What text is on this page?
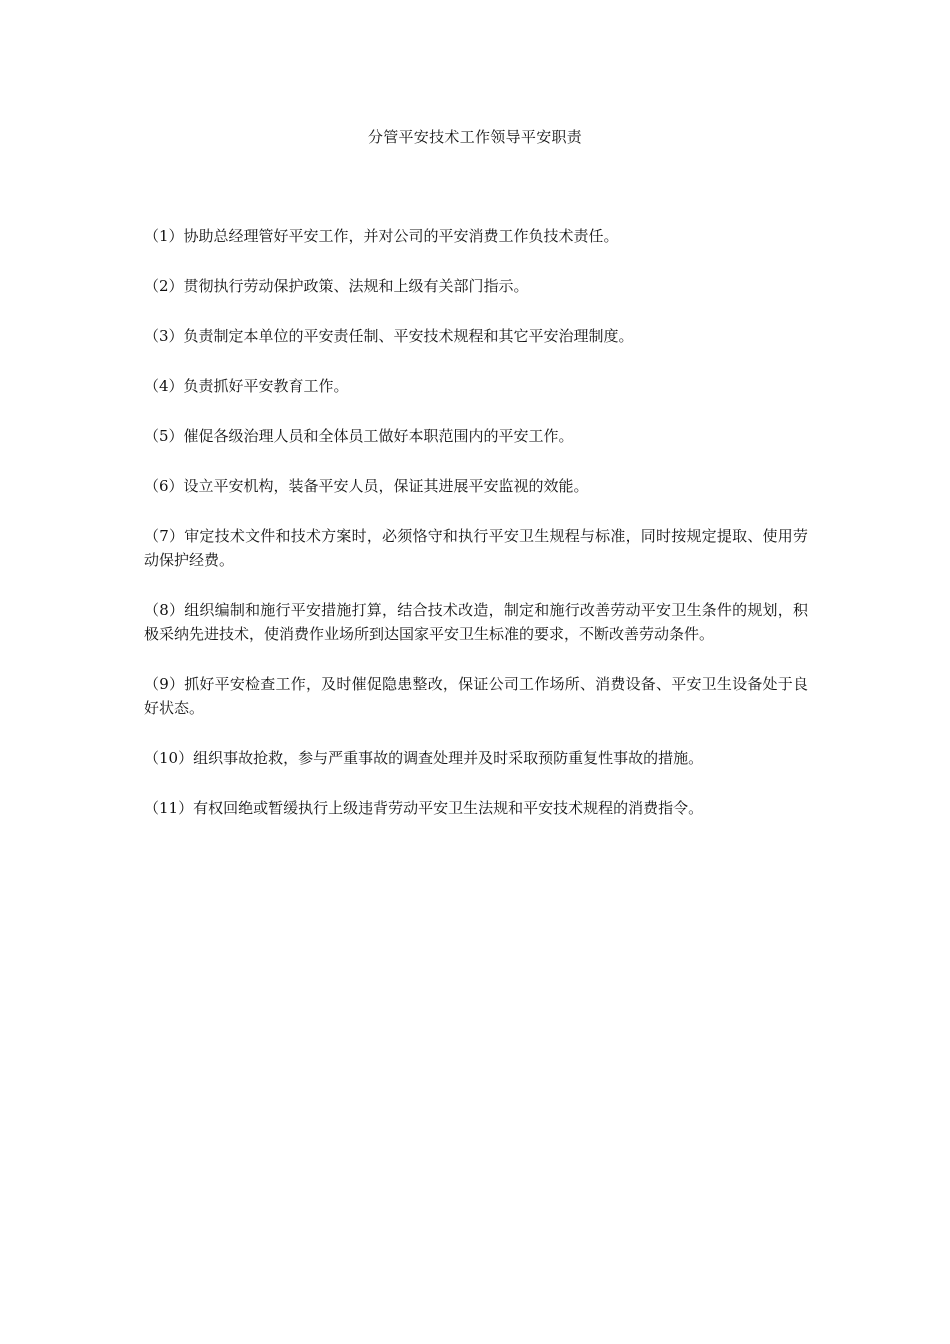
分管平安技术工作领导平安职责

（1）协助总经理管好平安工作，并对公司的平安消费工作负技术责任。

（2）贯彻执行劳动保护政策、法规和上级有关部门指示。

（3）负责制定本单位的平安责任制、平安技术规程和其它平安治理制度。

（4）负责抓好平安教育工作。

（5）催促各级治理人员和全体员工做好本职范围内的平安工作。

（6）设立平安机构，装备平安人员，保证其进展平安监视的效能。

（7）审定技术文件和技术方案时，必须恪守和执行平安卫生规程与标准，同时按规定提取、使用劳动保护经费。

（8）组织编制和施行平安措施打算，结合技术改造，制定和施行改善劳动平安卫生条件的规划，积极采纳先进技术，使消费作业场所到达国家平安卫生标准的要求，不断改善劳动条件。

（9）抓好平安检查工作，及时催促隐患整改，保证公司工作场所、消费设备、平安卫生设备处于良好状态。

（10）组织事故抢救，参与严重事故的调查处理并及时采取预防重复性事故的措施。

（11）有权回绝或暂缓执行上级违背劳动平安卫生法规和平安技术规程的消费指令。
